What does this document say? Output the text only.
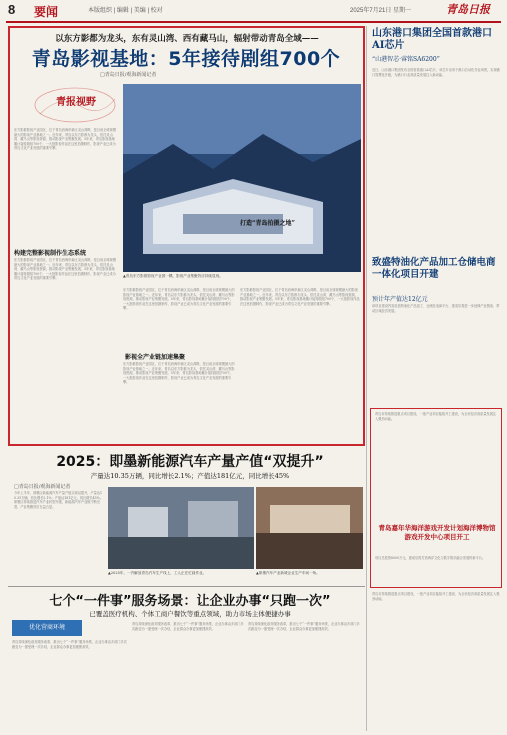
8 要闻	本版组织 | 编辑 | 美编 | 校对	2025年7月21日 星期一	青岛日报
以东方影都为龙头，东有灵山湾、西有藏马山，辐射带动青岛全域——
青岛影视基地：5年接待剧组700个
□青岛日报/观海新闻记者
青报视野
东方影都影视产业园区，位于青岛西海岸新区灵山湾畔，是目前全球规模最大的影视产业基地之一。近年来，青岛以东方影都为龙头，依托灵山湾、藏马山等影视资源，推动影视产业集聚发展。5年来，青岛影视基地累计接待剧组700个，一大批影视作品在这里拍摄制作，影视产业已成为青岛文化产业发展的重要引擎。
构建完整影视制作生态系统
东方影都影视产业园区，位于青岛西海岸新区灵山湾畔，是目前全球规模最大的影视产业基地之一。近年来，青岛以东方影都为龙头，依托灵山湾、藏马山等影视资源，推动影视产业集聚发展。5年来，青岛影视基地累计接待剧组700个，一大批影视作品在这里拍摄制作，影视产业已成为青岛文化产业发展的重要引擎。
▲青岛东方影都影视产业园一隅，影视产业集聚效应持续显现。
东方影都影视产业园区，位于青岛西海岸新区灵山湾畔，是目前全球规模最大的影视产业基地之一。近年来，青岛以东方影都为龙头，依托灵山湾、藏马山等影视资源，推动影视产业集聚发展。5年来，青岛影视基地累计接待剧组700个，一大批影视作品在这里拍摄制作，影视产业已成为青岛文化产业发展的重要引擎。
影视全产业链加速集聚
东方影都影视产业园区，位于青岛西海岸新区灵山湾畔，是目前全球规模最大的影视产业基地之一。近年来，青岛以东方影都为龙头，依托灵山湾、藏马山等影视资源，推动影视产业集聚发展。5年来，青岛影视基地累计接待剧组700个，一大批影视作品在这里拍摄制作，影视产业已成为青岛文化产业发展的重要引擎。
打造“青岛拍摄之地”
东方影都影视产业园区，位于青岛西海岸新区灵山湾畔，是目前全球规模最大的影视产业基地之一。近年来，青岛以东方影都为龙头，依托灵山湾、藏马山等影视资源，推动影视产业集聚发展。5年来，青岛影视基地累计接待剧组700个，一大批影视作品在这里拍摄制作，影视产业已成为青岛文化产业发展的重要引擎。
2025：即墨新能源汽车产量产值“双提升”
产量达10.35万辆，同比增长2.1%；产值达181亿元，同比增长45%
□青岛日报/观海新闻记者
今年上半年，即墨区新能源汽车产量产值实现双提升，产量达10.35万辆，同比增长2.1%；产值达181亿元，同比增长45%。即墨区持续推进汽车产业转型升级，新能源汽车产业链不断完善，产业集聚效应日益凸显。
▲2025年，一汽解放青岛汽车生产线上，工人正在忙碌作业。	▲即墨汽车产业新城企业生产车间一角。
七个“一件事”服务场景：让企业办事“只跑一次”
已覆盖医疗机构、个体工商户餐饮等重点领域，助力市场主体便捷办事
优化营商环境
青岛持续深化政务服务改革，推出七个“一件事”服务场景，企业办事由多部门多次跑变为一窗受理一次办结，企业群众办事更加便捷高效。
青岛持续深化政务服务改革，推出七个“一件事”服务场景，企业办事由多部门多次跑变为一窗受理一次办结，企业群众办事更加便捷高效。
青岛持续深化政务服务改革，推出七个“一件事”服务场景，企业办事由多部门多次跑变为一窗受理一次办结，企业群众办事更加便捷高效。
山东港口集团全国首款港口AI芯片
“山港智芯·睿铭SA6200”
近日，山东港口集团发布全国首款港口AI芯片，该芯片应用于港口自动化作业场景，实现港口智慧化升级，为港口行业高质量发展注入新动能。
致盛特油化产品加工仓储电商一体化项目开建
预计年产值达12亿元
该项目建设内容包括特油化产品加工、仓储及电商平台，建成后将进一步延伸产业链条，带动区域经济发展。
青岛市持续推进重点项目建设，一批产业项目陆续开工建设，为全市经济高质量发展注入强劲动能。
青岛嘉年华海洋游戏开发计划海洋博物馆游戏开发中心项目开工
项目总投资8000万元，建成后将打造海洋文化与数字娱乐融合发展的新平台。
青岛市持续推进重点项目建设，一批产业项目陆续开工建设，为全市经济高质量发展注入强劲动能。
